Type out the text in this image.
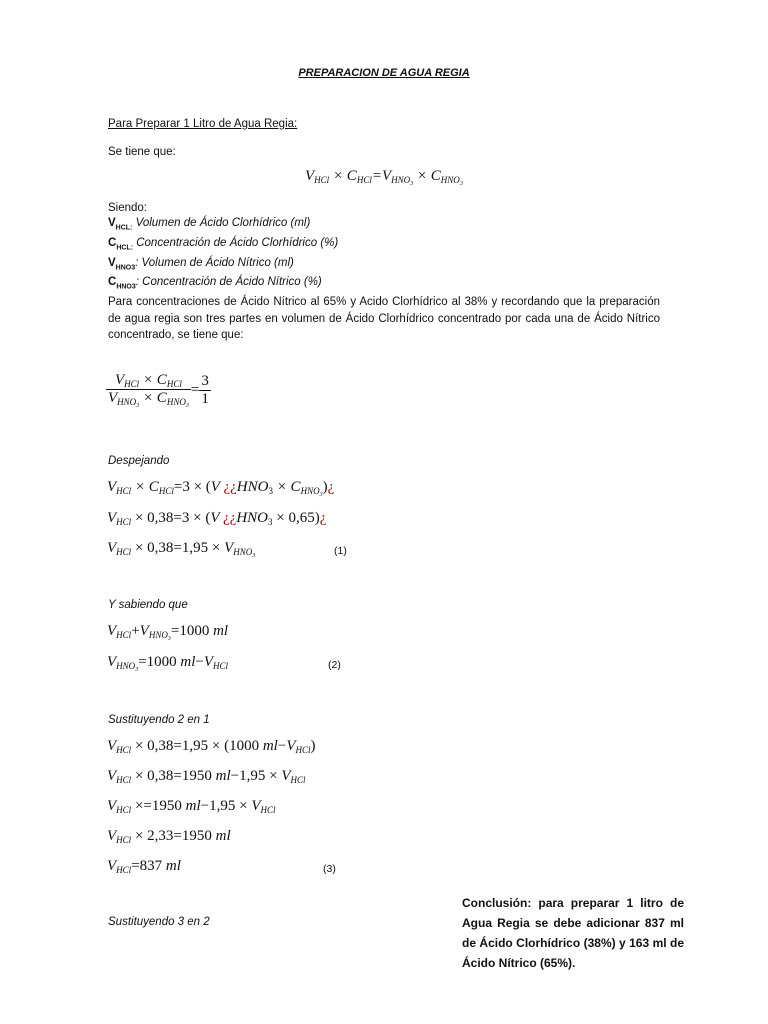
PREPARACION DE AGUA REGIA
Para Preparar 1 Litro de Agua Regia:
Se tiene que:
$V_{HCl} \times C_{HCl}=V_{HNO_3} \times C_{HNO_3}$
Siendo:
$V_{HCL:}$ Volumen de Ácido Clorhídrico (ml)
$C_{HCL:}$ Concentración de Ácido Clorhídrico (%)
$V_{HNO3}$: Volumen de Ácido Nítrico (ml)
$C_{HNO3}$: Concentración de Ácido Nítrico (%)
Para concentraciones de Ácido Nítrico al 65% y Acido Clorhídrico al 38% y recordando que la preparación de agua regia son tres partes en volumen de Ácido Clorhídrico concentrado por cada una de Ácido Nítrico concentrado, se tiene que:
$\frac{V_{HCl} \times C_{HCl}}{V_{HNO_3} \times C_{HNO_3}} = \frac{3}{1}$
Despejando
$V_{HCl} \times C_{HCl}=3 \times (V$ ¿¿$HNO_3$ × $C_{HNO_3})¿$
$V_{HCl} \times 0,38=3 \times (V$ ¿¿$HNO_3$ × 0,65)¿
$V_{HCl} \times 0,38=1,95 \times V_{HNO_3}$	(1)
Y sabiendo que
$V_{HCl}+V_{HNO_3}=1000$ ml
$V_{HNO_3}=1000$ $ml-V_{HCl}$	(2)
Sustituyendo 2 en 1
$V_{HCl} \times 0,38=1,95 \times (1000$ $ml-V_{HCl}$)
$V_{HCl} \times 0,38=1950$ $ml-1,95 \times V_{HCl}$
$V_{HCl} \times=1950$ $ml-1,95 \times V_{HCl}$
$V_{HCl} \times 2,33=1950$ ml
$V_{HCl}=837$ ml	(3)
Sustituyendo 3 en 2
Conclusión: para preparar 1 litro de Agua Regia se debe adicionar 837 ml de Ácido Clorhídrico (38%) y 163 ml de Ácido Nítrico (65%).
